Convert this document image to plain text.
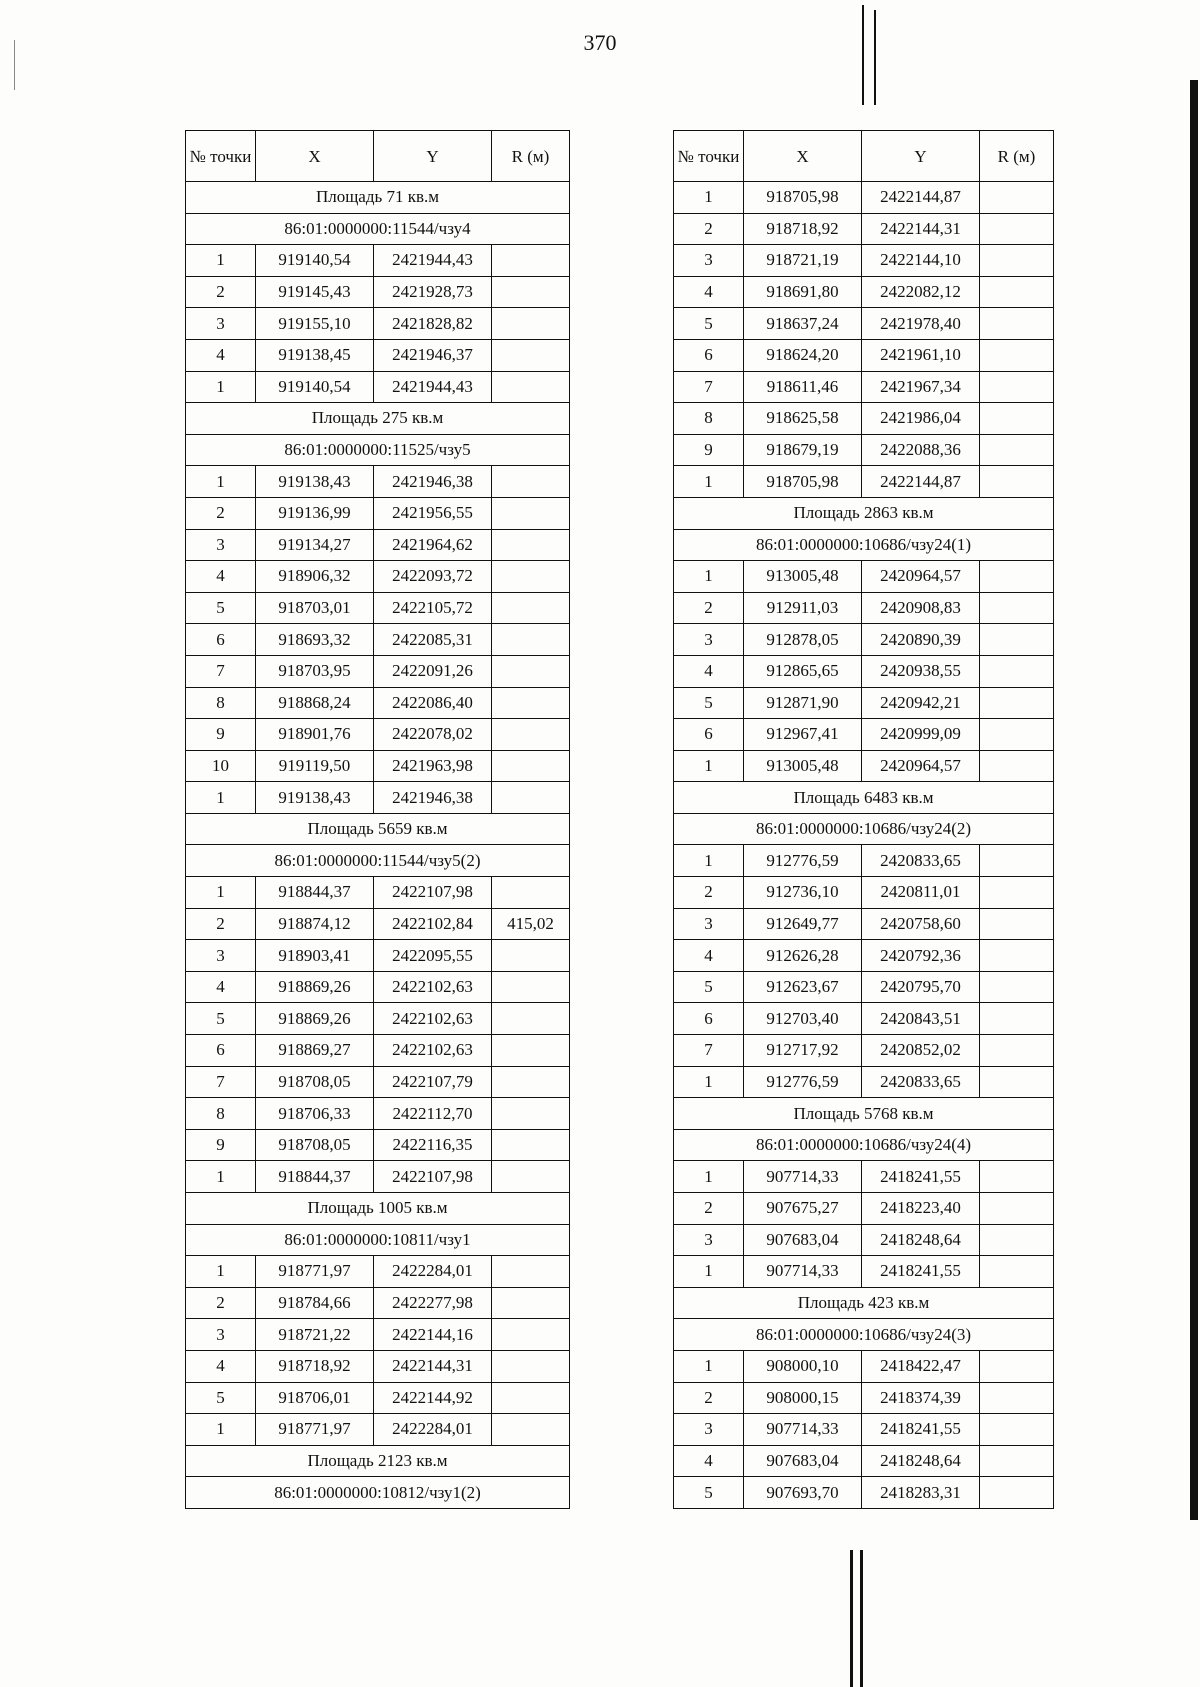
370
№ точки	X	Y	R (м)
Площадь 71 кв.м			
86:01:0000000:11544/чзу4			
1	919140,54	2421944,43	
2	919145,43	2421928,73	
3	919155,10	2421828,82	
4	919138,45	2421946,37	
1	919140,54	2421944,43	
Площадь 275 кв.м			
86:01:0000000:11525/чзу5			
1	919138,43	2421946,38	
2	919136,99	2421956,55	
3	919134,27	2421964,62	
4	918906,32	2422093,72	
5	918703,01	2422105,72	
6	918693,32	2422085,31	
7	918703,95	2422091,26	
8	918868,24	2422086,40	
9	918901,76	2422078,02	
10	919119,50	2421963,98	
1	919138,43	2421946,38	
Площадь 5659 кв.м			
86:01:0000000:11544/чзу5(2)			
1	918844,37	2422107,98	
2	918874,12	2422102,84	415,02
3	918903,41	2422095,55	
4	918869,26	2422102,63	
5	918869,26	2422102,63	
6	918869,27	2422102,63	
7	918708,05	2422107,79	
8	918706,33	2422112,70	
9	918708,05	2422116,35	
1	918844,37	2422107,98	
Площадь 1005 кв.м			
86:01:0000000:10811/чзу1			
1	918771,97	2422284,01	
2	918784,66	2422277,98	
3	918721,22	2422144,16	
4	918718,92	2422144,31	
5	918706,01	2422144,92	
1	918771,97	2422284,01	
Площадь 2123 кв.м			
86:01:0000000:10812/чзу1(2)			
№ точки	X	Y	R (м)
1	918705,98	2422144,87	
2	918718,92	2422144,31	
3	918721,19	2422144,10	
4	918691,80	2422082,12	
5	918637,24	2421978,40	
6	918624,20	2421961,10	
7	918611,46	2421967,34	
8	918625,58	2421986,04	
9	918679,19	2422088,36	
1	918705,98	2422144,87	
Площадь 2863 кв.м			
86:01:0000000:10686/чзу24(1)			
1	913005,48	2420964,57	
2	912911,03	2420908,83	
3	912878,05	2420890,39	
4	912865,65	2420938,55	
5	912871,90	2420942,21	
6	912967,41	2420999,09	
1	913005,48	2420964,57	
Площадь 6483 кв.м			
86:01:0000000:10686/чзу24(2)			
1	912776,59	2420833,65	
2	912736,10	2420811,01	
3	912649,77	2420758,60	
4	912626,28	2420792,36	
5	912623,67	2420795,70	
6	912703,40	2420843,51	
7	912717,92	2420852,02	
1	912776,59	2420833,65	
Площадь 5768 кв.м			
86:01:0000000:10686/чзу24(4)			
1	907714,33	2418241,55	
2	907675,27	2418223,40	
3	907683,04	2418248,64	
1	907714,33	2418241,55	
Площадь 423 кв.м			
86:01:0000000:10686/чзу24(3)			
1	908000,10	2418422,47	
2	908000,15	2418374,39	
3	907714,33	2418241,55	
4	907683,04	2418248,64	
5	907693,70	2418283,31	
